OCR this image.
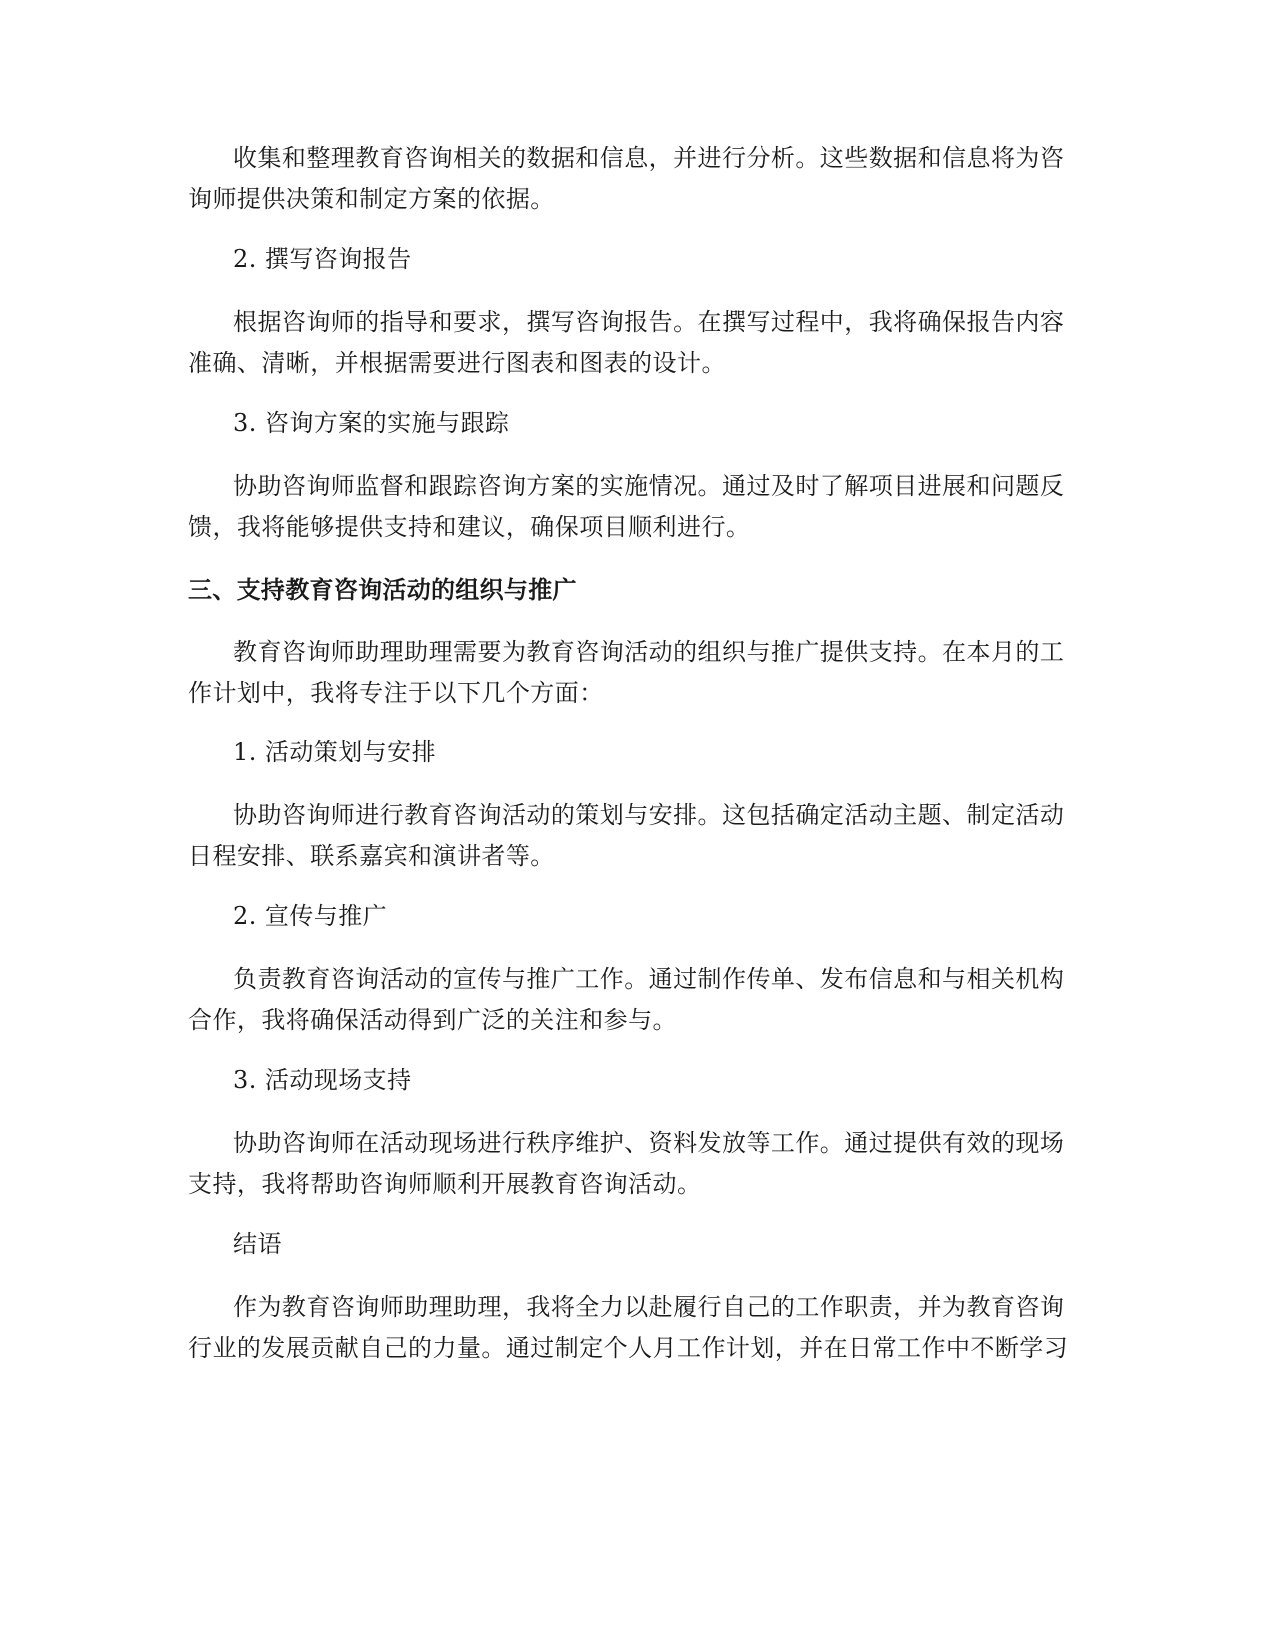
收集和整理教育咨询相关的数据和信息，并进行分析。这些数据和信息将为咨
询师提供决策和制定方案的依据。
2. 撰写咨询报告
根据咨询师的指导和要求，撰写咨询报告。在撰写过程中，我将确保报告内容
准确、清晰，并根据需要进行图表和图表的设计。
3. 咨询方案的实施与跟踪
协助咨询师监督和跟踪咨询方案的实施情况。通过及时了解项目进展和问题反
馈，我将能够提供支持和建议，确保项目顺利进行。
三、支持教育咨询活动的组织与推广
教育咨询师助理助理需要为教育咨询活动的组织与推广提供支持。在本月的工
作计划中，我将专注于以下几个方面：
1. 活动策划与安排
协助咨询师进行教育咨询活动的策划与安排。这包括确定活动主题、制定活动
日程安排、联系嘉宾和演讲者等。
2. 宣传与推广
负责教育咨询活动的宣传与推广工作。通过制作传单、发布信息和与相关机构
合作，我将确保活动得到广泛的关注和参与。
3. 活动现场支持
协助咨询师在活动现场进行秩序维护、资料发放等工作。通过提供有效的现场
支持，我将帮助咨询师顺利开展教育咨询活动。
结语
作为教育咨询师助理助理，我将全力以赴履行自己的工作职责，并为教育咨询
行业的发展贡献自己的力量。通过制定个人月工作计划，并在日常工作中不断学习
